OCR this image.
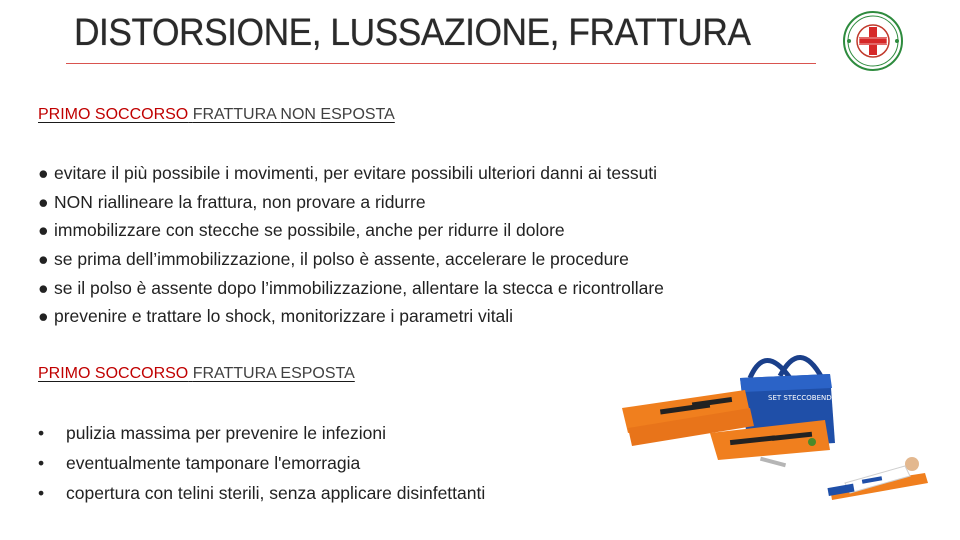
DISTORSIONE, LUSSAZIONE, FRATTURA
PRIMO SOCCORSO FRATTURA NON ESPOSTA
● evitare il più possibile i movimenti, per evitare possibili ulteriori danni ai tessuti
● NON riallineare la frattura, non provare a ridurre
● immobilizzare con stecche se possibile, anche per ridurre il dolore
● se prima dell’immobilizzazione, il polso è assente, accelerare le procedure
● se il polso è assente dopo l’immobilizzazione, allentare la stecca e ricontrollare
● prevenire e trattare lo shock, monitorizzare i parametri vitali
PRIMO SOCCORSO FRATTURA ESPOSTA
• pulizia massima per prevenire le infezioni
• eventualmente tamponare l'emorragia
• copertura con telini sterili, senza applicare disinfettanti
SET STECCOBENDE
